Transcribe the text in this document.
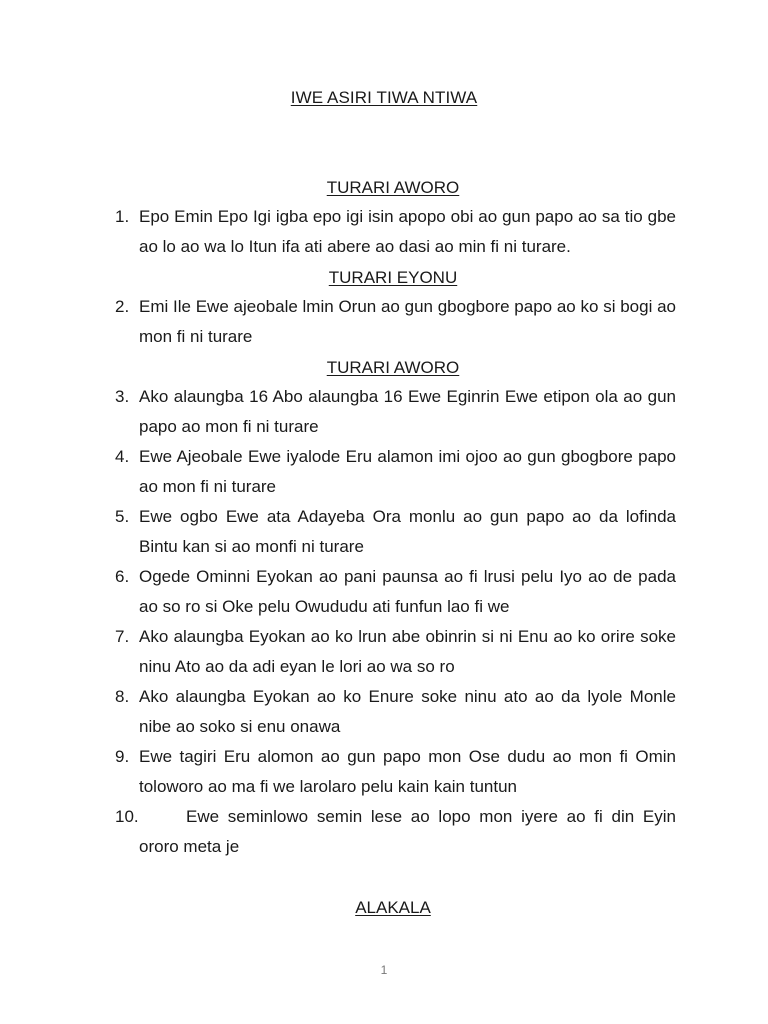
IWE ASIRI TIWA NTIWA
TURARI AWORO
1. Epo Emin Epo Igi igba epo igi isin apopo obi ao gun papo ao sa tio gbe ao lo ao wa lo Itun ifa ati abere ao dasi ao min fi ni turare.
TURARI EYONU
2. Emi Ile Ewe ajeobale lmin Orun ao gun gbogbore papo ao ko si bogi ao mon fi ni turare
TURARI AWORO
3. Ako alaungba 16 Abo alaungba 16 Ewe Eginrin Ewe etipon ola ao gun papo ao mon fi ni turare
4. Ewe Ajeobale Ewe iyalode Eru alamon imi ojoo ao gun gbogbore papo ao mon fi ni turare
5. Ewe ogbo Ewe ata Adayeba Ora monlu ao gun papo ao da lofinda Bintu kan si ao monfi ni turare
6. Ogede Ominni Eyokan ao pani paunsa ao fi lrusi pelu Iyo ao de pada ao so ro si Oke pelu Owududu ati funfun lao fi we
7. Ako alaungba Eyokan ao ko lrun abe obinrin si ni Enu ao ko orire soke ninu Ato ao da adi eyan le lori ao wa so ro
8. Ako alaungba Eyokan ao ko Enure soke ninu ato ao da lyole Monle nibe ao soko si enu onawa
9. Ewe tagiri Eru alomon ao gun papo mon Ose dudu ao mon fi Omin toloworo ao ma fi we larolaro pelu kain kain tuntun
10.	Ewe seminlowo semin lese ao lopo mon iyere ao fi din Eyin ororo meta je
ALAKALA
1
